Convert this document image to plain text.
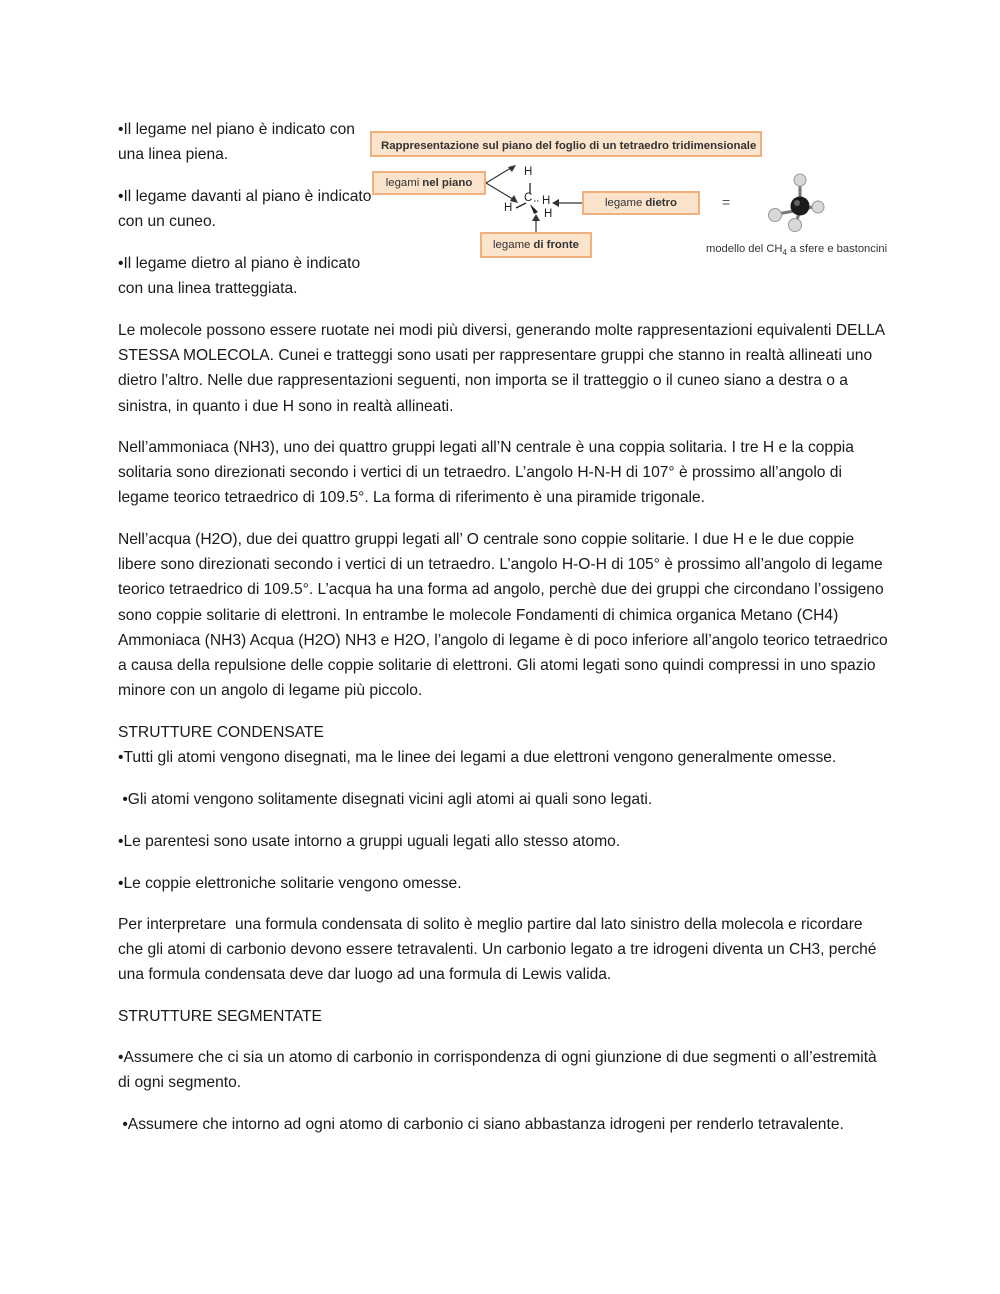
•Il legame nel piano è indicato con una linea piena.

•Il legame davanti al piano è indicato con un cuneo.

•Il legame dietro al piano è indicato con una linea tratteggiata.

Rappresentazione sul piano del foglio di un tetraedro tridimensionale
legami nel piano
legame dietro
legame di fronte
H
C H
H	H
=
modello del $CH_4$ a sfere e bastoncini

Le molecole possono essere ruotate nei modi più diversi, generando molte rappresentazioni equivalenti DELLA STESSA MOLECOLA. Cunei e tratteggi sono usati per rappresentare gruppi che stanno in realtà allineati uno dietro l’altro. Nelle due rappresentazioni seguenti, non importa se il tratteggio o il cuneo siano a destra o a sinistra, in quanto i due H sono in realtà allineati.

Nell’ammoniaca (NH3), uno dei quattro gruppi legati all’N centrale è una coppia solitaria. I tre H e la coppia solitaria sono direzionati secondo i vertici di un tetraedro. L’angolo H-N-H di 107° è prossimo all’angolo di legame teorico tetraedrico di 109.5°. La forma di riferimento è una piramide trigonale.

Nell’acqua (H2O), due dei quattro gruppi legati all’ O centrale sono coppie solitarie. I due H e le due coppie libere sono direzionati secondo i vertici di un tetraedro. L’angolo H-O-H di 105° è prossimo all’angolo di legame teorico tetraedrico di 109.5°. L’acqua ha una forma ad angolo, perchè due dei gruppi che circondano l’ossigeno sono coppie solitarie di elettroni. In entrambe le molecole Fondamenti di chimica organica Metano (CH4) Ammoniaca (NH3) Acqua (H2O) NH3 e H2O, l’angolo di legame è di poco inferiore all’angolo teorico tetraedrico a causa della repulsione delle coppie solitarie di elettroni. Gli atomi legati sono quindi compressi in uno spazio minore con un angolo di legame più piccolo.

STRUTTURE CONDENSATE

•Tutti gli atomi vengono disegnati, ma le linee dei legami a due elettroni vengono generalmente omesse.

•Gli atomi vengono solitamente disegnati vicini agli atomi ai quali sono legati.

•Le parentesi sono usate intorno a gruppi uguali legati allo stesso atomo.

•Le coppie elettroniche solitarie vengono omesse.

Per interpretare  una formula condensata di solito è meglio partire dal lato sinistro della molecola e ricordare che gli atomi di carbonio devono essere tetravalenti. Un carbonio legato a tre idrogeni diventa un CH3, perché una formula condensata deve dar luogo ad una formula di Lewis valida.

STRUTTURE SEGMENTATE

•Assumere che ci sia un atomo di carbonio in corrispondenza di ogni giunzione di due segmenti o all’estremità di ogni segmento.

•Assumere che intorno ad ogni atomo di carbonio ci siano abbastanza idrogeni per renderlo tetravalente.
